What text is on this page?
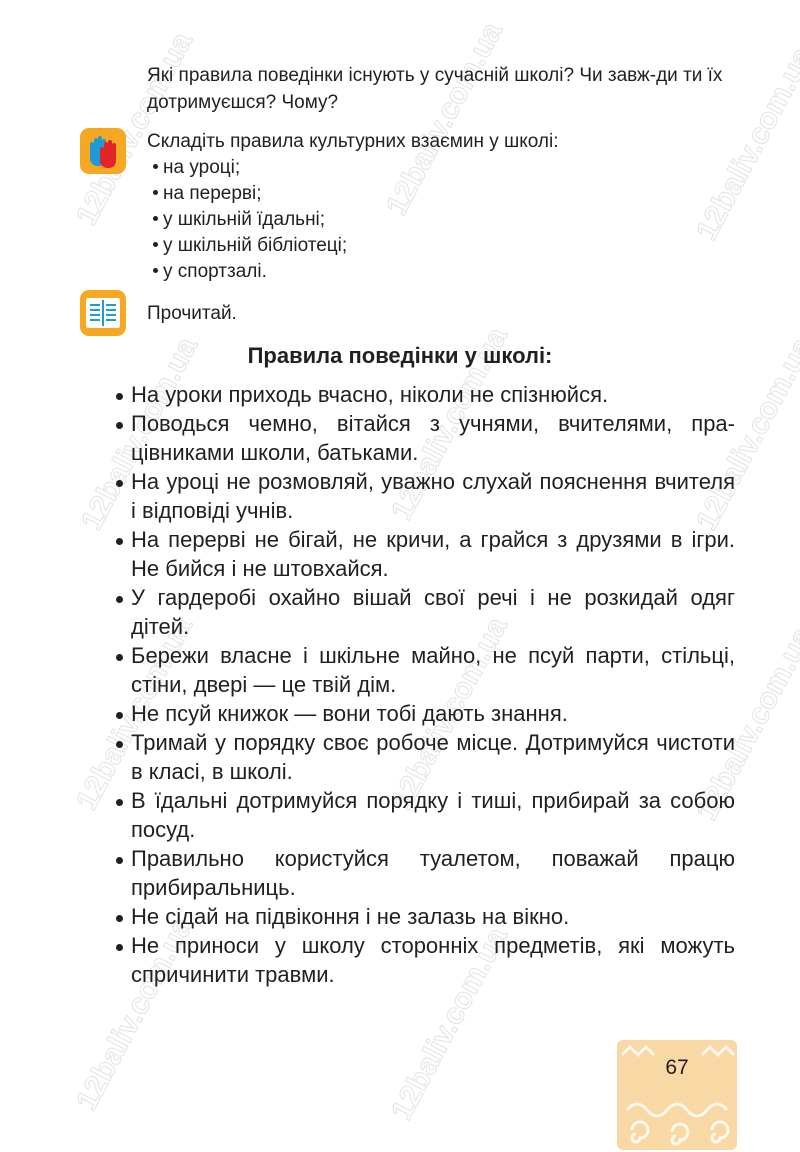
12baliv.com.ua
12baliv.com.ua
12baliv.com.ua
12baliv.com.ua
12baliv.com.ua
12baliv.com.ua
12baliv.com.ua
12baliv.com.ua
12baliv.com.ua
12baliv.com.ua
12baliv.com.ua
Які правила поведінки існують у сучасній школі? Чи завж-ди ти їх дотримуєшся? Чому?
Складіть правила культурних взаємин у школі:
на уроці;
на перерві;
у шкільній їдальні;
у шкільній бібліотеці;
у спортзалі.
Прочитай.
Правила поведінки у школі:
На уроки приходь вчасно, ніколи не спізнюйся.
Поводься чемно, вітайся з учнями, вчителями, пра-цівниками школи, батьками.
На уроці не розмовляй, уважно слухай пояснення вчителя і відповіді учнів.
На перерві не бігай, не кричи, а грайся з друзями в ігри. Не бийся і не штовхайся.
У гардеробі охайно вішай свої речі і не розкидай одяг дітей.
Бережи власне і шкільне майно, не псуй парти, стільці, стіни, двері — це твій дім.
Не псуй книжок — вони тобі дають знання.
Тримай у порядку своє робоче місце. Дотримуйся чистоти в класі, в школі.
В їдальні дотримуйся порядку і тиші, прибирай за собою посуд.
Правильно користуйся туалетом, поважай працю прибиральниць.
Не сідай на підвіконня і не залазь на вікно.
Не приноси у школу сторонніх предметів, які можуть спричинити травми.
67
